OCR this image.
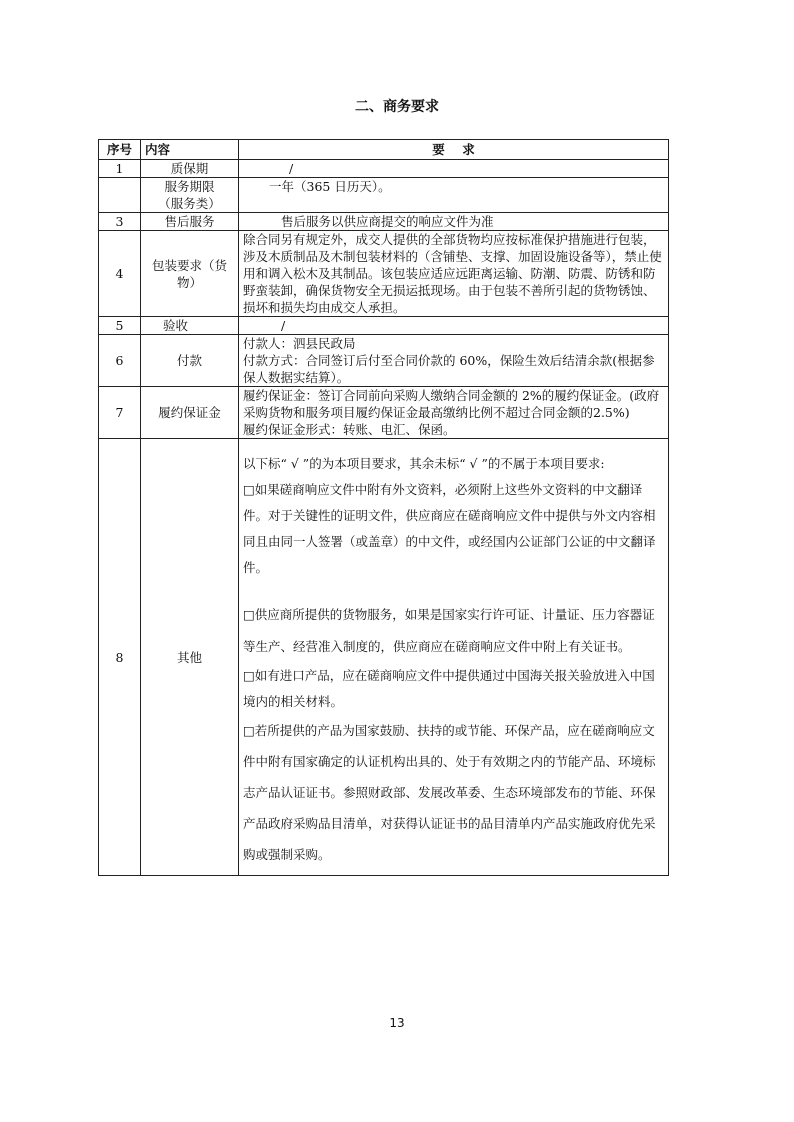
二、商务要求
序号	内容	要    求
1	质保期	/
	服务期限（服务类）	一年（365 日历天）。
3	售后服务	售后服务以供应商提交的响应文件为准
4	包装要求（货物）	除合同另有规定外，成交人提供的全部货物均应按标准保护措施进行包装，涉及木质制品及木制包装材料的（含铺垫、支撑、加固设施设备等），禁止使用和调入松木及其制品。该包装应适应远距离运输、防潮、防震、防锈和防野蛮装卸，确保货物安全无损运抵现场。由于包装不善所引起的货物锈蚀、损坏和损失均由成交人承担。
5	验收	/
6	付款	付款人：泗县民政局

付款方式：合同签订后付至合同价款的 60%，保险生效后结清余款(根据参保人数据实结算）。

7	履约保证金	履约保证金：签订合同前向采购人缴纳合同金额的 2%的履约保证金。(政府采购货物和服务项目履约保证金最高缴纳比例不超过合同金额的2.5%)

履约保证金形式：转账、电汇、保函。

8	其他	以下标“ √ ”的为本项目要求，其余未标“ √ ”的不属于本项目要求:

□如果磋商响应文件中附有外文资料，必须附上这些外文资料的中文翻译件。对于关键性的证明文件，供应商应在磋商响应文件中提供与外文内容相同且由同一人签署（或盖章）的中文件，或经国内公证部门公证的中文翻译件。

□供应商所提供的货物服务，如果是国家实行许可证、计量证、压力容器证等生产、经营准入制度的，供应商应在磋商响应文件中附上有关证书。

□如有进口产品，应在磋商响应文件中提供通过中国海关报关验放进入中国境内的相关材料。

□若所提供的产品为国家鼓励、扶持的或节能、环保产品，应在磋商响应文件中附有国家确定的认证机构出具的、处于有效期之内的节能产品、环境标志产品认证证书。参照财政部、发展改革委、生态环境部发布的节能、环保产品政府采购品目清单，对获得认证证书的品目清单内产品实施政府优先采购或强制采购。

13
